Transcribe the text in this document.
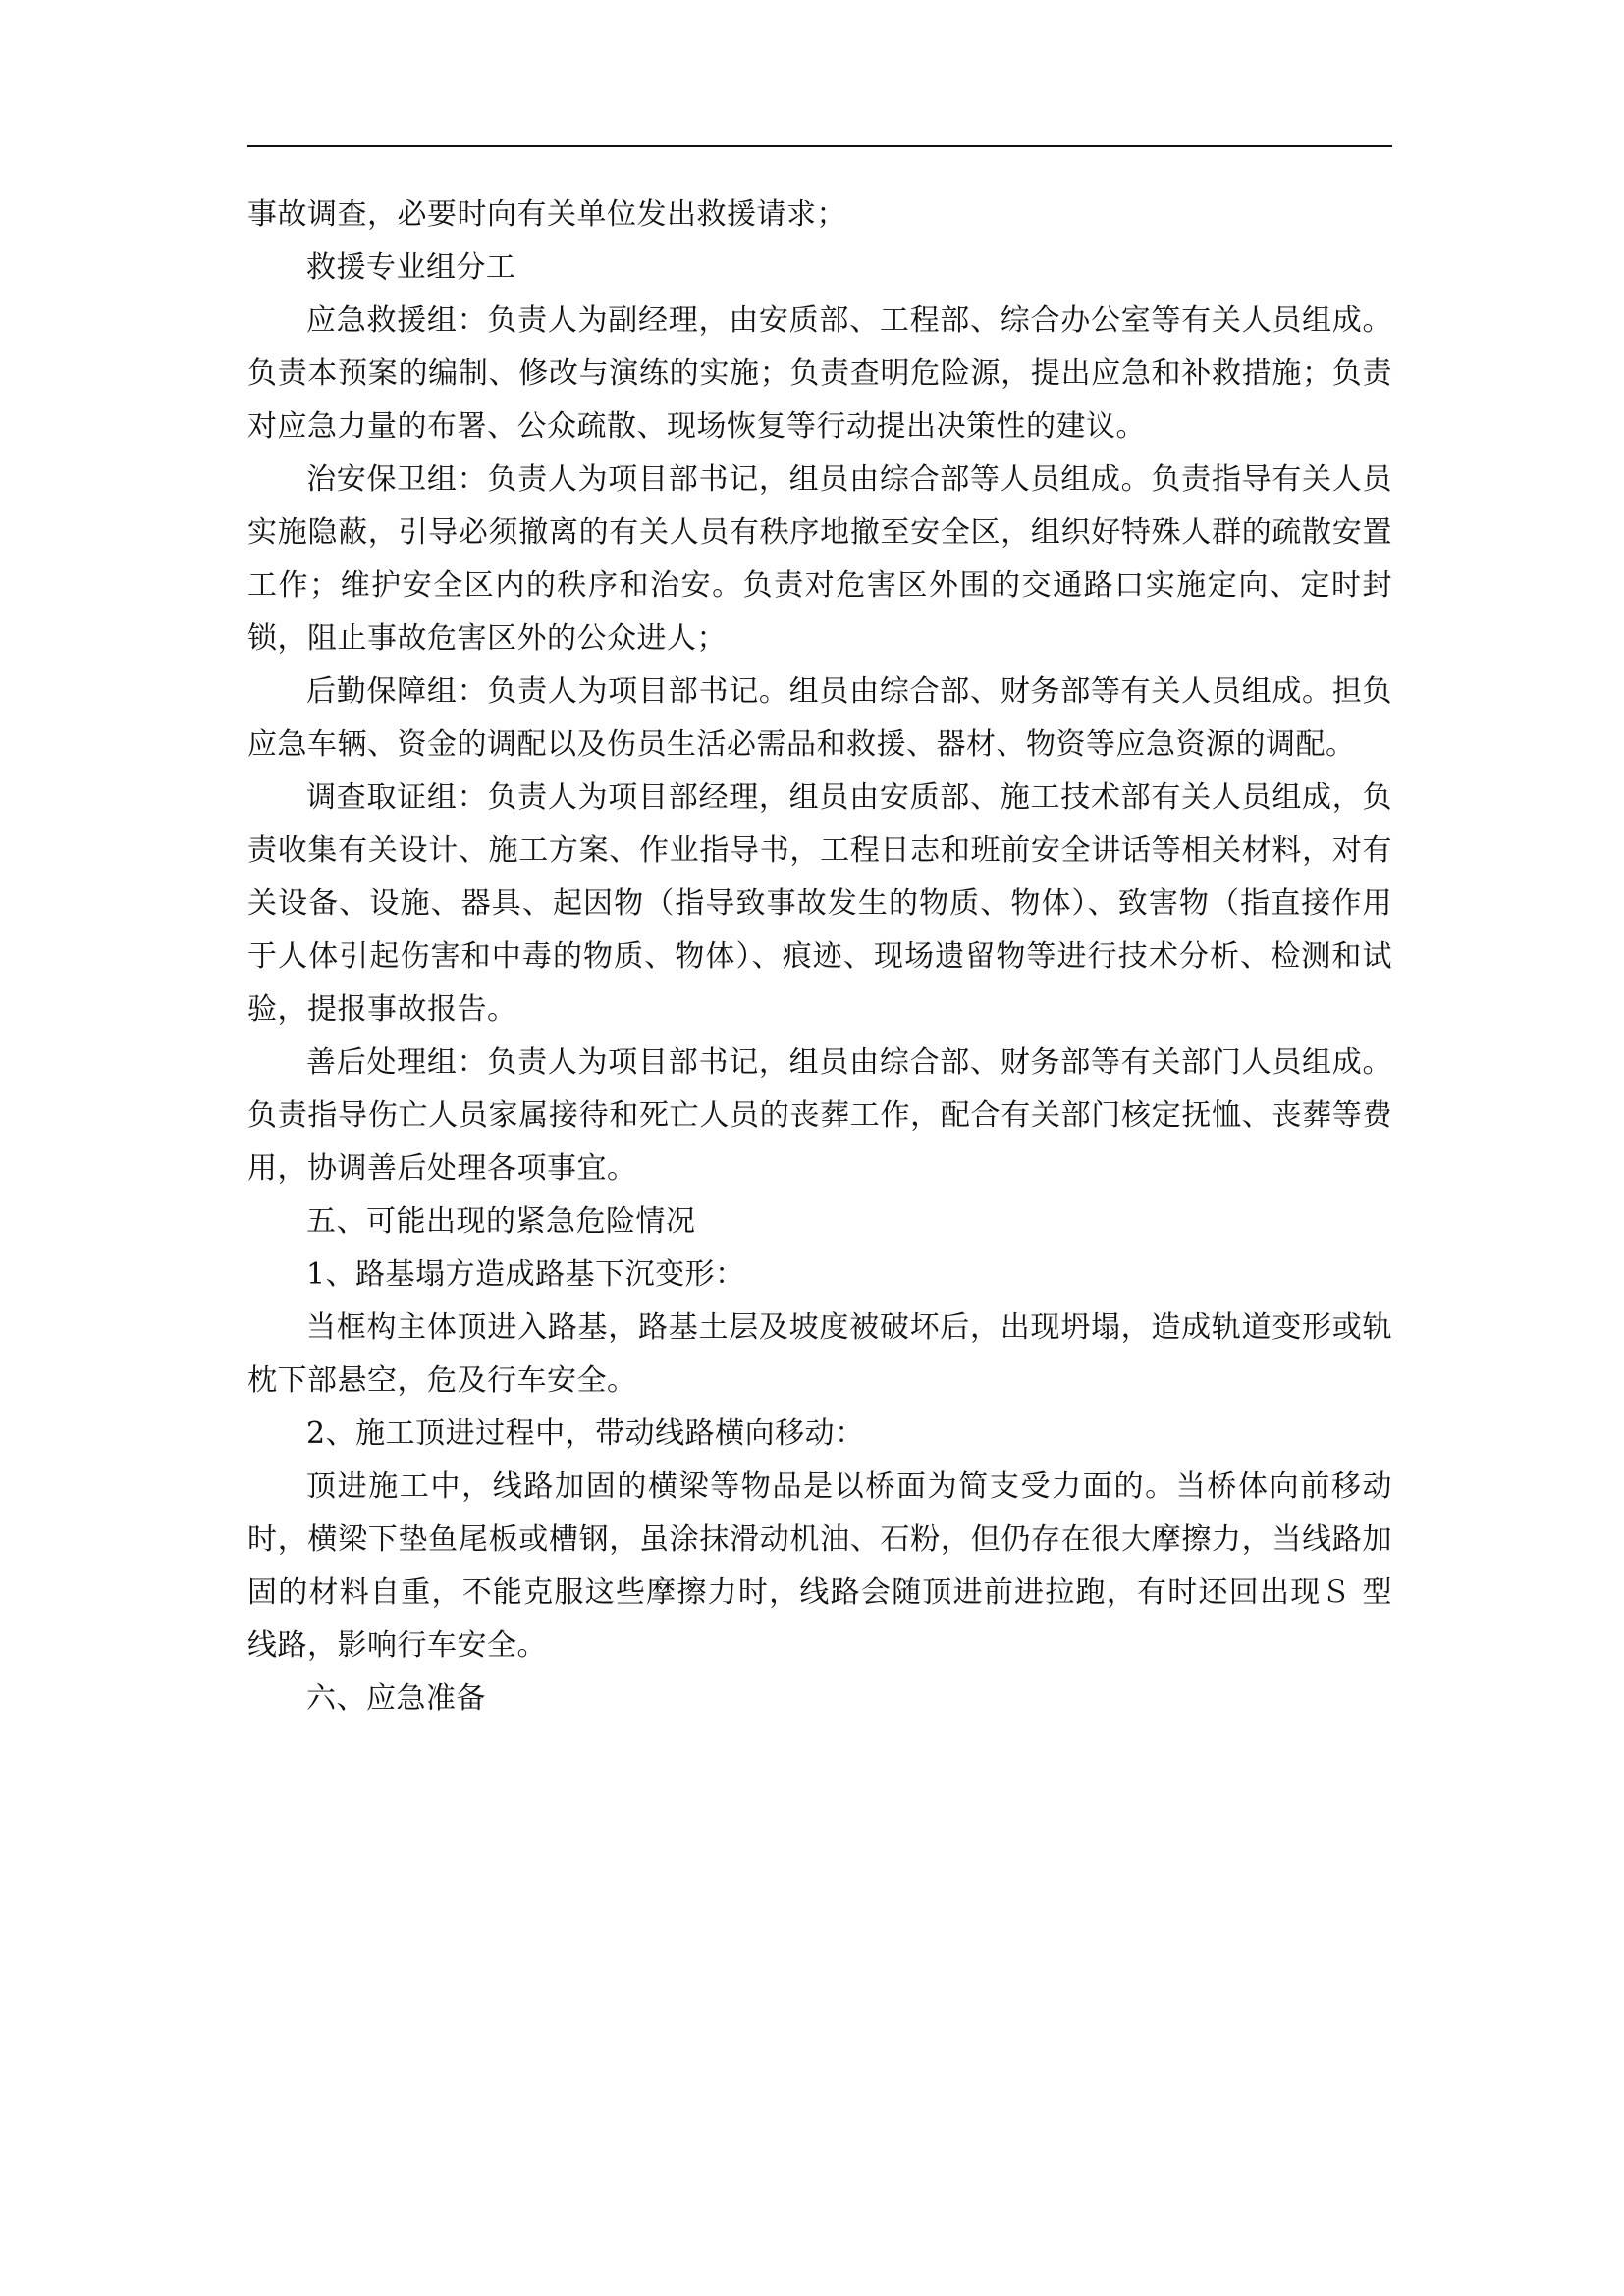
事故调查，必要时向有关单位发出救援请求；

救援专业组分工

应急救援组：负责人为副经理，由安质部、工程部、综合办公室等有关人员组成。负责本预案的编制、修改与演练的实施；负责查明危险源，提出应急和补救措施；负责对应急力量的布署、公众疏散、现场恢复等行动提出决策性的建议。

治安保卫组：负责人为项目部书记，组员由综合部等人员组成。负责指导有关人员实施隐蔽，引导必须撤离的有关人员有秩序地撤至安全区，组织好特殊人群的疏散安置工作；维护安全区内的秩序和治安。负责对危害区外围的交通路口实施定向、定时封锁，阻止事故危害区外的公众进人；

后勤保障组：负责人为项目部书记。组员由综合部、财务部等有关人员组成。担负应急车辆、资金的调配以及伤员生活必需品和救援、器材、物资等应急资源的调配。

调查取证组：负责人为项目部经理，组员由安质部、施工技术部有关人员组成，负责收集有关设计、施工方案、作业指导书，工程日志和班前安全讲话等相关材料，对有关设备、设施、器具、起因物（指导致事故发生的物质、物体）、致害物（指直接作用于人体引起伤害和中毒的物质、物体）、痕迹、现场遗留物等进行技术分析、检测和试验，提报事故报告。

善后处理组：负责人为项目部书记，组员由综合部、财务部等有关部门人员组成。负责指导伤亡人员家属接待和死亡人员的丧葬工作，配合有关部门核定抚恤、丧葬等费用，协调善后处理各项事宜。

五、可能出现的紧急危险情况

1、路基塌方造成路基下沉变形：

当框构主体顶进入路基，路基土层及坡度被破坏后，出现坍塌，造成轨道变形或轨枕下部悬空，危及行车安全。

2、施工顶进过程中，带动线路横向移动：

顶进施工中，线路加固的横梁等物品是以桥面为简支受力面的。当桥体向前移动时，横梁下垫鱼尾板或槽钢，虽涂抹滑动机油、石粉，但仍存在很大摩擦力，当线路加固的材料自重，不能克服这些摩擦力时，线路会随顶进前进拉跑，有时还回出现Ｓ 型线路，影响行车安全。

六、应急准备
